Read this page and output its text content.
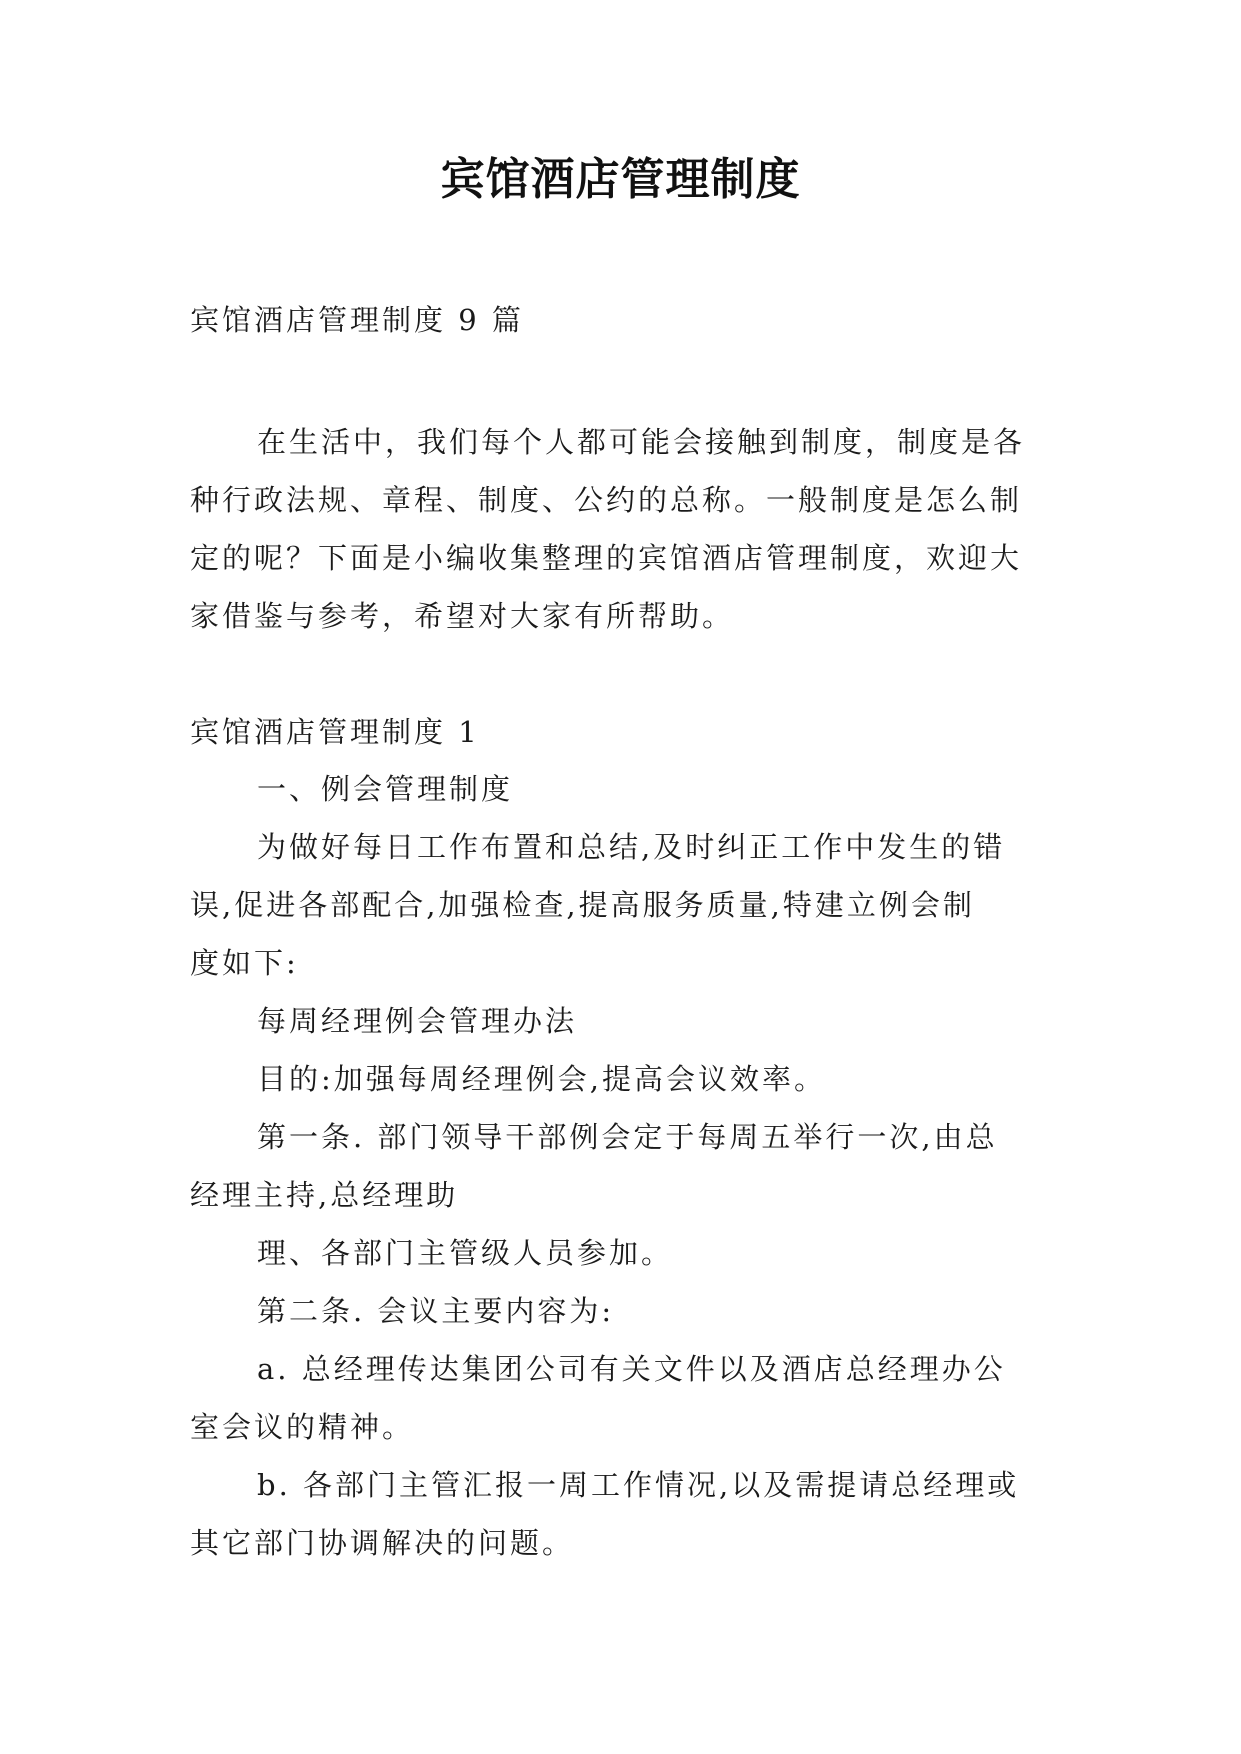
宾馆酒店管理制度
宾馆酒店管理制度 9 篇
在生活中，我们每个人都可能会接触到制度，制度是各
种行政法规、章程、制度、公约的总称。一般制度是怎么制
定的呢？下面是小编收集整理的宾馆酒店管理制度，欢迎大
家借鉴与参考，希望对大家有所帮助。
宾馆酒店管理制度 1
一、例会管理制度
为做好每日工作布置和总结,及时纠正工作中发生的错
误,促进各部配合,加强检查,提高服务质量,特建立例会制
度如下:
每周经理例会管理办法
目的:加强每周经理例会,提高会议效率。
第一条. 部门领导干部例会定于每周五举行一次,由总
经理主持,总经理助
理、各部门主管级人员参加。
第二条. 会议主要内容为:
a. 总经理传达集团公司有关文件以及酒店总经理办公
室会议的精神。
b. 各部门主管汇报一周工作情况,以及需提请总经理或
其它部门协调解决的问题。
